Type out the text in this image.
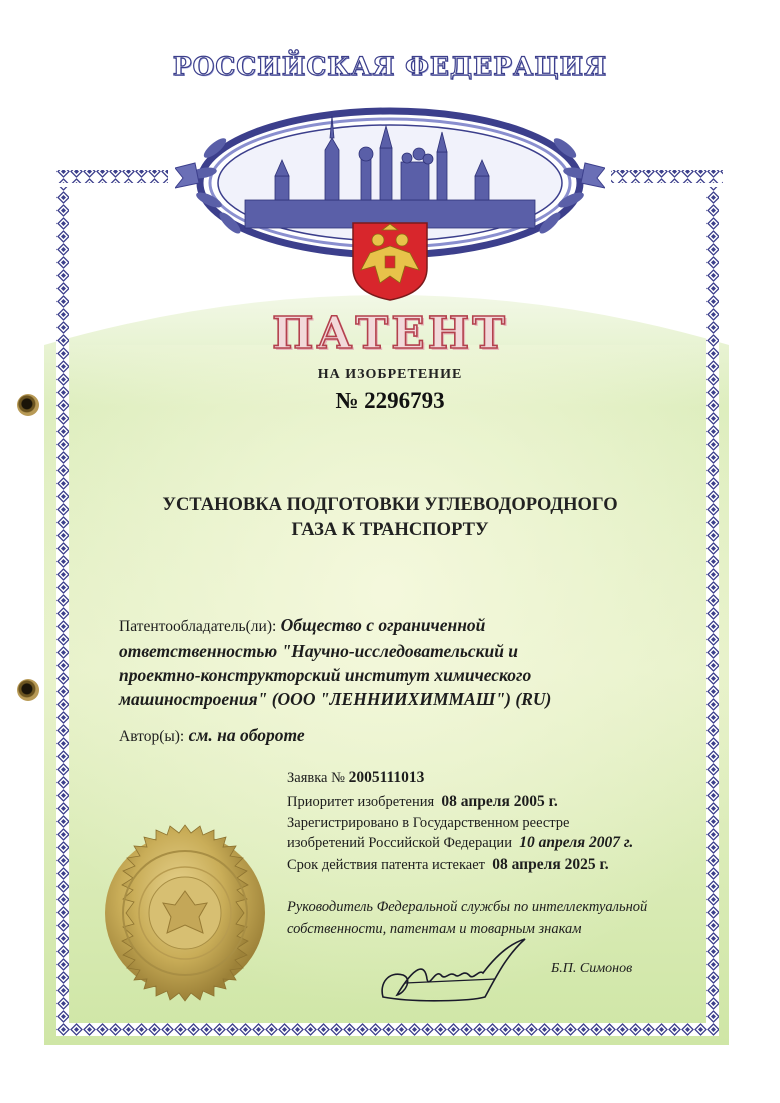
РОССИЙСКАЯ ФЕДЕРАЦИЯ
ПАТЕНТ
НА ИЗОБРЕТЕНИЕ
№ 2296793
УСТАНОВКА ПОДГОТОВКИ УГЛЕВОДОРОДНОГО
ГАЗА К ТРАНСПОРТУ
Патентообладатель(ли): Общество с ограниченной
ответственностью "Научно-исследовательский и
проектно-конструкторский институт химического
машиностроения" (ООО "ЛЕННИИХИММАШ") (RU)
Автор(ы): см. на обороте
Заявка № 2005111013
Приоритет изобретения 08 апреля 2005 г.
Зарегистрировано в Государственном реестре
изобретений Российской Федерации 10 апреля 2007 г.
Срок действия патента истекает 08 апреля 2025 г.
Руководитель Федеральной службы по интеллектуальной
собственности, патентам и товарным знакам
Б.П. Симонов
